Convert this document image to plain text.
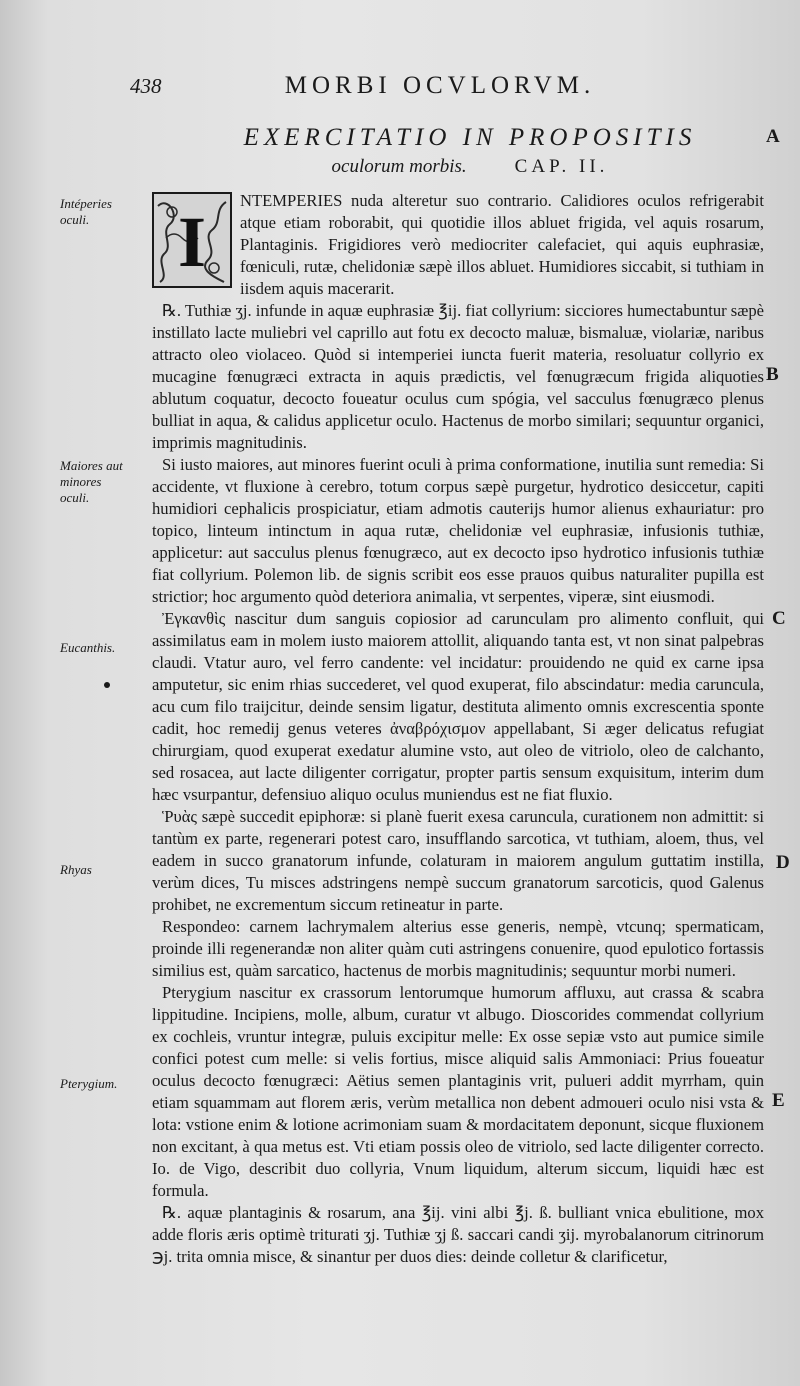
438	MORBI OCVLORVM.
EXERCITATIO IN PROPOSITIS
oculorum morbis.	CAP. II.
A
B
C
D
E
Intéperies oculi.
Maiores aut minores oculi.
Eucanthis.
Rhyas
Pterygium.
I

NTEMPERIES nuda alteretur suo contrario. Calidiores oculos refrigerabit atque etiam roborabit, qui quotidie illos abluet frigida, vel aquis rosarum, Plantaginis. Frigidiores verò mediocriter calefaciet, qui aquis euphrasiæ, fœniculi, rutæ, chelidoniæ sæpè illos abluet. Humidiores siccabit, si tuthiam in iisdem aquis macerarit.

℞. Tuthiæ ʒj. infunde in aquæ euphrasiæ ℥ij. fiat collyrium: sicciores humectabuntur sæpè instillato lacte muliebri vel caprillo aut fotu ex decocto maluæ, bismaluæ, violariæ, naribus attracto oleo violaceo. Quòd si intemperiei iuncta fuerit materia, resoluatur collyrio ex mucagine fœnugræci extracta in aquis prædictis, vel fœnugræcum frigida aliquoties ablutum coquatur, decocto foueatur oculus cum spógia, vel sacculus fœnugræco plenus bulliat in aqua, & calidus applicetur oculo. Hactenus de morbo similari; sequuntur organici, imprimis magnitudinis.

Si iusto maiores, aut minores fuerint oculi à prima conformatione, inutilia sunt remedia: Si accidente, vt fluxione à cerebro, totum corpus sæpè purgetur, hydrotico desiccetur, capiti humidiori cephalicis prospiciatur, etiam admotis cauterijs humor alienus exhauriatur: pro topico, linteum intinctum in aqua rutæ, chelidoniæ vel euphrasiæ, infusionis tuthiæ, applicetur: aut sacculus plenus fœnugræco, aut ex decocto ipso hydrotico infusionis tuthiæ fiat collyrium. Polemon lib. de signis scribit eos esse prauos quibus naturaliter pupilla est strictior; hoc argumento quòd deteriora animalia, vt serpentes, viperæ, sint eiusmodi.

Ἐγκανθὶς nascitur dum sanguis copiosior ad carunculam pro alimento confluit, qui assimilatus eam in molem iusto maiorem attollit, aliquando tanta est, vt non sinat palpebras claudi. Vtatur auro, vel ferro candente: vel incidatur: prouidendo ne quid ex carne ipsa amputetur, sic enim rhias succederet, vel quod exuperat, filo abscindatur: media caruncula, acu cum filo traijcitur, deinde sensim ligatur, destituta alimento omnis excrescentia sponte cadit, hoc remedij genus veteres ἀναβρόχισμον appellabant, Si æger delicatus refugiat chirurgiam, quod exuperat exedatur alumine vsto, aut oleo de vitriolo, oleo de calchanto, sed rosacea, aut lacte diligenter corrigatur, propter partis sensum exquisitum, interim dum hæc vsurpantur, defensiuo aliquo oculus muniendus est ne fiat fluxio.

Ῥυὰς sæpè succedit epiphoræ: si planè fuerit exesa caruncula, curationem non admittit: si tantùm ex parte, regenerari potest caro, insufflando sarcotica, vt tuthiam, aloem, thus, vel eadem in succo granatorum infunde, colaturam in maiorem angulum guttatim instilla, verùm dices, Tu misces adstringens nempè succum granatorum sarcoticis, quod Galenus prohibet, ne excrementum siccum retineatur in parte.

Respondeo: carnem lachrymalem alterius esse generis, nempè, vtcunq; spermaticam, proinde illi regenerandæ non aliter quàm cuti astringens conuenire, quod epulotico fortassis similius est, quàm sarcatico, hactenus de morbis magnitudinis; sequuntur morbi numeri.

Pterygium nascitur ex crassorum lentorumque humorum affluxu, aut crassa & scabra lippitudine. Incipiens, molle, album, curatur vt albugo. Dioscorides commendat collyrium ex cochleis, vruntur integræ, puluis excipitur melle: Ex osse sepiæ vsto aut pumice simile confici potest cum melle: si velis fortius, misce aliquid salis Ammoniaci: Prius foueatur oculus decocto fœnugræci: Aëtius semen plantaginis vrit, pulueri addit myrrham, quin etiam squammam aut florem æris, verùm metallica non debent admoueri oculo nisi vsta & lota: vstione enim & lotione acrimoniam suam & mordacitatem deponunt, sicque fluxionem non excitant, à qua metus est. Vti etiam possis oleo de vitriolo, sed lacte diligenter correcto. Io. de Vigo, describit duo collyria, Vnum liquidum, alterum siccum, liquidi hæc est formula.

℞. aquæ plantaginis & rosarum, ana ℥ij. vini albi ℥j. ß. bulliant vnica ebulitione, mox adde floris æris optimè triturati ʒj. Tuthiæ ʒj ß. saccari candi ʒij. myrobalanorum citrinorum ℈j. trita omnia misce, & sinantur per duos dies: deinde colletur & clarificetur,
